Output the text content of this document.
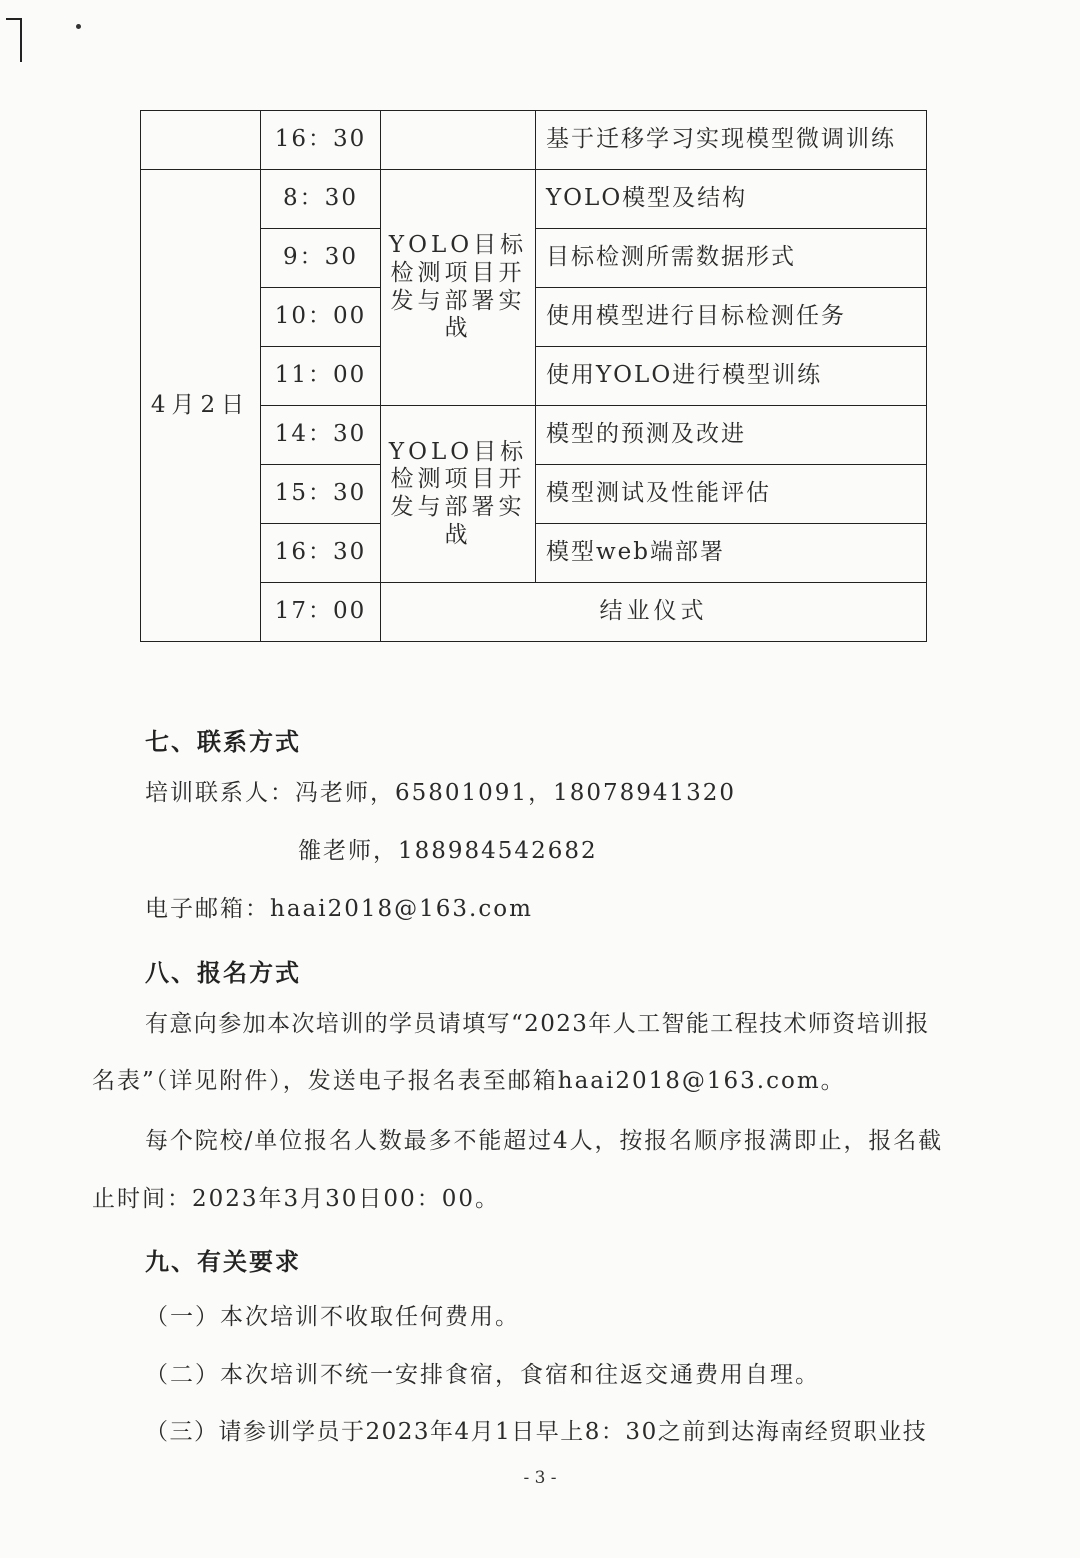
	16：30		基于迁移学习实现模型微调训练
4月2日	8：30	YOLO目标检测项目开发与部署实战	YOLO模型及结构
	9：30		目标检测所需数据形式
	10：00		使用模型进行目标检测任务
	11：00		使用YOLO进行模型训练
	14：30	YOLO目标检测项目开发与部署实战	模型的预测及改进
	15：30		模型测试及性能评估
	16：30		模型web端部署
	17：00	结业仪式	
七、联系方式
培训联系人：冯老师，65801091，18078941320
雒老师，188984542682
电子邮箱：haai2018@163.com
八、报名方式
有意向参加本次培训的学员请填写“2023年人工智能工程技术师资培训报
名表”（详见附件），发送电子报名表至邮箱haai2018@163.com。
每个院校/单位报名人数最多不能超过4人，按报名顺序报满即止，报名截
止时间：2023年3月30日00：00。
九、有关要求
（一）本次培训不收取任何费用。
（二）本次培训不统一安排食宿，食宿和往返交通费用自理。
（三）请参训学员于2023年4月1日早上8：30之前到达海南经贸职业技
- 3 -
